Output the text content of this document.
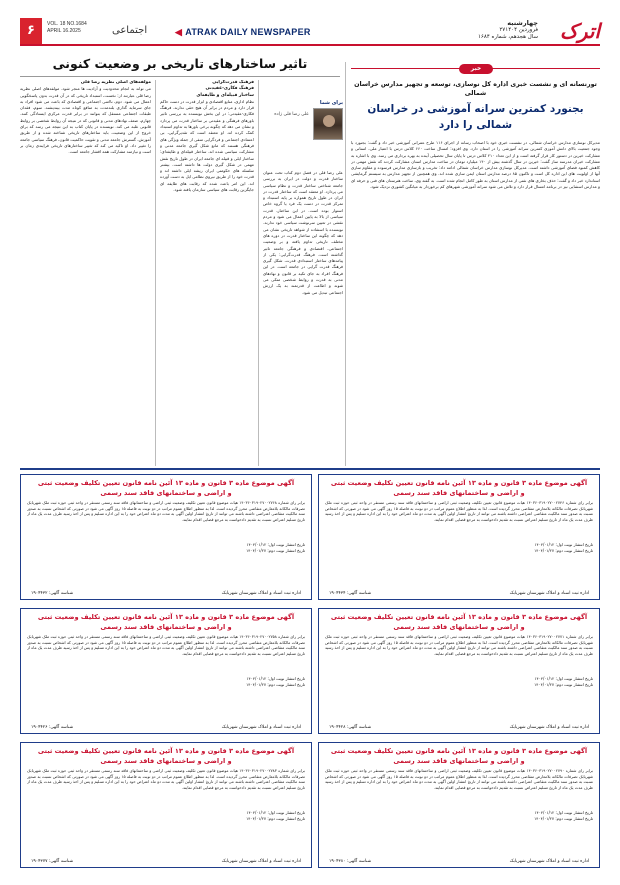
۶	VOL. 18 NO.1684
APRIL 16.2025	اجتماعی	◀ ATRAK DAILY NEWSPAPER
چهارشنبه
۲۷فروردین ۱۴۰۴
سال هجدهم، شماره ۱۶۸۴	اترک
خبر
تورنسانه ای و نشست خبری اداره کل نوسازی، توسعه و تجهیز مدارس خراسان شمالی
بجنورد کمترین سرانه آموزشی در خراسان شمالی را دارد
مدیرکل نوسازی مدارس خراسان شمالی، در نشست خبری خود با اصحاب رسانه از اجرای ۱۱۶ طرح عمرانی آموزشی خبر داد و گفت: بجنورد با وجود جمعیت بالای دانش آموزی کمترین سرانه آموزشی را در استان دارد. وی افزود: امسال ساخت ۶۶۰ کلاس درس با اعتبار ملی، استانی و مشارکت خیرین در دستور کار قرار گرفته است و از این تعداد ۲۱۰ کلاس درس تا پایان سال تحصیلی آینده به بهره برداری می رسد. وی با اشاره به مشارکت خیران مدرسه ساز گفت: خیرین در سال گذشته بیش از ۱۴۰ میلیارد تومان در ساخت مدارس استان مشارکت کردند که نقش مهمی در کاهش کمبود فضای آموزشی داشته است. مدیرکل نوسازی مدارس خراسان شمالی ادامه داد: تخریب و بازسازی مدارس فرسوده و مقاوم سازی آنها از اولویت های این اداره کل است و تاکنون ۸۵ درصد مدارس استان ایمن سازی شده اند. وی همچنین از تجهیز مدارس به سیستم گرمایشی استاندارد خبر داد و گفت: حذف بخاری های نفتی از مدارس استان به طور کامل انجام شده است. به گفته وی، ساخت هنرستان های فنی و حرفه ای و مدارس استثنایی نیز در برنامه امسال قرار دارد و تلاش می شود سرانه آموزشی شهرهای کم برخوردار به میانگین کشوری نزدیک شود.
تاثیر ساختارهای تاریخی بر وضعیت کنونی
برای شما
علی رضا قلی زاده
علی رضا قلی در فصل دوم کتاب تحت عنوان ساختار قدرت و دولت در ایران به بررسی جامعه شناختی ساختار قدرت و نظام سیاسی می پردازد. او معتقد است که ساختار قدرت در ایران در طول تاریخ همواره بر پایه استبداد و تمرکز قدرت در دست یک فرد یا گروه خاص استوار بوده است. در این ساختار، قدرت سیاسی از بالا به پایین اعمال می شود و مردم نقشی در تعیین سرنوشت سیاسی خود ندارند. نویسنده با استفاده از شواهد تاریخی نشان می دهد که چگونه این ساختار قدرت در دوره های مختلف تاریخی تداوم یافته و بر وضعیت اجتماعی، اقتصادی و فرهنگی جامعه تاثیر گذاشته است. فرهنگ قدرت‌گرایی: یکی از پیامدهای ساختار استبدادی قدرت، شکل گیری فرهنگ قدرت گرایی در جامعه است. در این فرهنگ افراد به جای تکیه بر قانون و نهادهای مدنی به قدرت و روابط شخصی متکی می شوند و اطاعت از قدرتمند به یک ارزش اجتماعی تبدیل می شود.
فرهنگ قدرت‌گرایی
فرهنگ فکاری-عقیدتی
ساختار قبیله‌ای و طایفه‌ای
نظام اداری، منابع اقتصادی و ابزار قدرت در دست حاکم قرار دارد و مردم در برابر آن هیچ حقی ندارند. فرهنگ فکاری-عقیدتی: در این بخش نویسنده به بررسی تاثیر باورهای فرهنگی و عقیدتی بر ساختار قدرت می پردازد و نشان می دهد که چگونه برخی باورها به تداوم استبداد کمک کرده اند. او معتقد است که تقدیرگرایی، بی اعتمادی اجتماعی و فردگرایی منفی از جمله ویژگی های فرهنگی هستند که مانع شکل گیری جامعه مدنی و مشارکت سیاسی شده اند. ساختار قبیله‌ای و طایفه‌ای: ساختار ایلی و قبیله ای جامعه ایران در طول تاریخ نقش مهمی در شکل گیری دولت ها داشته است. بیشتر سلسله های حکومتی ایران ریشه ایلی داشته اند و قدرت خود را از طریق نیروی نظامی ایل به دست آورده اند. این امر باعث شده که رقابت های طایفه ای جایگزین رقابت های سیاسی سازمان یافته شود.
مولفه‌های اصلی نظریه رضا قلی
می تواند به انجام محدودیت و آزادیت ها منجر شود. مولفه‌های اصلی نظریه رضا قلی عبارتند از: نخست، استبداد تاریخی که در آن قدرت بدون پاسخگویی اعمال می شود. دوم، ناامنی اجتماعی و اقتصادی که باعث می شود افراد به جای سرمایه گذاری بلندمدت به منافع کوتاه مدت بیندیشند. سوم، فقدان طبقات اجتماعی مستقل که بتوانند در برابر قدرت مرکزی ایستادگی کنند. چهارم، ضعف نهادهای مدنی و قانونی که در نتیجه آن روابط شخصی بر روابط قانونی غلبه می کند. نویسنده در پایان کتاب به این نتیجه می رسد که برای خروج از این وضعیت، باید ساختارهای تاریخی شناخته شده و از طریق آموزش، گسترش جامعه مدنی و تقویت حاکمیت قانون، فرهنگ سیاسی جامعه را تغییر داد. او تاکید می کند که تغییر ساختارهای تاریخی فرایندی زمان بر است و نیازمند مشارکت همه اقشار جامعه است.
آگهی موضوع ماده ۳ قانون و ماده ۱۳ آئین نامه قانون تعیین تکلیف وضعیت ثبتی
و اراضی و ساختمانهای فاقد سند رسمی
برابر رای شماره ۱۴۰۳۶۰۳۱۹۰۲۷۰۰۲۷۴۶ هیات موضوع قانون تعیین تکلیف وضعیت ثبتی اراضی و ساختمانهای فاقد سند رسمی مستقر در واحد ثبتی حوزه ثبت ملک شهربانک تصرفات مالکانه بلامعارض متقاضی محرز گردیده است. لذا به منظور اطلاع عموم مراتب در دو نوبت به فاصله ۱۵ روز آگهی می شود در صورتی که اشخاص نسبت به صدور سند مالکیت متقاضی اعتراضی داشته باشند می توانند از تاریخ انتشار اولین آگهی به مدت دو ماه اعتراض خود را به این اداره تسلیم و پس از اخذ رسید ظرف مدت یک ماه از تاریخ تسلیم اعتراض نسبت به تقدیم دادخواست به مرجع قضایی اقدام نمایند.
تاریخ انتشار نوبت اول: ۱۴۰۴/۰۱/۱۲
تاریخ انتشار نوبت دوم: ۱۴۰۴/۰۱/۲۷
اداره ثبت اسناد و املاک شهرستان شهربابک
شناسه آگهی: ۱۹۰۴۴۳۴
آگهی موضوع ماده ۳ قانون و ماده ۱۳ آئین نامه قانون تعیین تکلیف وضعیت ثبتی
و اراضی و ساختمانهای فاقد سند رسمی
برابر رای شماره ۱۴۰۳۶۰۳۱۹۰۲۷۰۰۲۷۶۸ هیات موضوع قانون تعیین تکلیف وضعیت ثبتی اراضی و ساختمانهای فاقد سند رسمی مستقر در واحد ثبتی حوزه ثبت ملک شهربابک تصرفات مالکانه بلامعارض متقاضی محرز گردیده است. لذا به منظور اطلاع عموم مراتب در دو نوبت به فاصله ۱۵ روز آگهی می شود در صورتی که اشخاص نسبت به صدور سند مالکیت متقاضی اعتراضی داشته باشند می توانند از تاریخ انتشار اولین آگهی به مدت دو ماه اعتراض خود را به این اداره تسلیم و پس از اخذ رسید ظرف مدت یک ماه از تاریخ تسلیم اعتراض نسبت به تقدیم دادخواست به مرجع قضایی اقدام نمایند.
تاریخ انتشار نوبت اول: ۱۴۰۴/۰۱/۱۲
تاریخ انتشار نوبت دوم: ۱۴۰۴/۰۱/۲۷
اداره ثبت اسناد و املاک شهرستان شهربابک
شناسه آگهی: ۱۹۰۴۴۳۲
آگهی موضوع ماده ۳ قانون و ماده ۱۳ آئین نامه قانون تعیین تکلیف وضعیت ثبتی
و اراضی و ساختمانهای فاقد سند رسمی
برابر رای شماره ۱۴۰۳۶۰۳۱۹۰۲۷۰۰۲۷۷۱ هیات موضوع قانون تعیین تکلیف وضعیت ثبتی اراضی و ساختمانهای فاقد سند رسمی مستقر در واحد ثبتی حوزه ثبت ملک شهربابک تصرفات مالکانه بلامعارض متقاضی محرز گردیده است. لذا به منظور اطلاع عموم مراتب در دو نوبت به فاصله ۱۵ روز آگهی می شود در صورتی که اشخاص نسبت به صدور سند مالکیت متقاضی اعتراضی داشته باشند می توانند از تاریخ انتشار اولین آگهی به مدت دو ماه اعتراض خود را به این اداره تسلیم و پس از اخذ رسید ظرف مدت یک ماه از تاریخ تسلیم اعتراض نسبت به تقدیم دادخواست به مرجع قضایی اقدام نمایند.
تاریخ انتشار نوبت اول: ۱۴۰۴/۰۱/۱۲
تاریخ انتشار نوبت دوم: ۱۴۰۴/۰۱/۲۷
اداره ثبت اسناد و املاک شهرستان شهربابک
شناسه آگهی: ۱۹۰۴۴۲۸
آگهی موضوع ماده ۳ قانون و ماده ۱۳ آئین نامه قانون تعیین تکلیف وضعیت ثبتی
و اراضی و ساختمانهای فاقد سند رسمی
برابر رای شماره ۱۴۰۳۶۰۳۱۹۰۲۷۰۰۲۷۵۸ هیات موضوع قانون تعیین تکلیف وضعیت ثبتی اراضی و ساختمانهای فاقد سند رسمی مستقر در واحد ثبتی حوزه ثبت ملک شهربابک تصرفات مالکانه بلامعارض متقاضی محرز گردیده است. لذا به منظور اطلاع عموم مراتب در دو نوبت به فاصله ۱۵ روز آگهی می شود در صورتی که اشخاص نسبت به صدور سند مالکیت متقاضی اعتراضی داشته باشند می توانند از تاریخ انتشار اولین آگهی به مدت دو ماه اعتراض خود را به این اداره تسلیم و پس از اخذ رسید ظرف مدت یک ماه از تاریخ تسلیم اعتراض نسبت به تقدیم دادخواست به مرجع قضایی اقدام نمایند.
تاریخ انتشار نوبت اول: ۱۴۰۴/۰۱/۱۲
تاریخ انتشار نوبت دوم: ۱۴۰۴/۰۱/۲۷
اداره ثبت اسناد و املاک شهرستان شهربابک
شناسه آگهی: ۱۹۰۴۴۲۶
آگهی موضوع ماده ۳ قانون و ماده ۱۳ آئین نامه قانون تعیین تکلیف وضعیت ثبتی
و اراضی و ساختمانهای فاقد سند رسمی
برابر رای شماره ۱۴۰۳۶۰۳۱۹۰۲۷۰۰۲۷۹۰ هیات موضوع قانون تعیین تکلیف وضعیت ثبتی اراضی و ساختمانهای فاقد سند رسمی مستقر در واحد ثبتی حوزه ثبت ملک شهربابک تصرفات مالکانه بلامعارض متقاضی محرز گردیده است. لذا به منظور اطلاع عموم مراتب در دو نوبت به فاصله ۱۵ روز آگهی می شود در صورتی که اشخاص نسبت به صدور سند مالکیت متقاضی اعتراضی داشته باشند می توانند از تاریخ انتشار اولین آگهی به مدت دو ماه اعتراض خود را به این اداره تسلیم و پس از اخذ رسید ظرف مدت یک ماه از تاریخ تسلیم اعتراض نسبت به تقدیم دادخواست به مرجع قضایی اقدام نمایند.
تاریخ انتشار نوبت اول: ۱۴۰۴/۰۱/۱۲
تاریخ انتشار نوبت دوم: ۱۴۰۴/۰۱/۲۷
اداره ثبت اسناد و املاک شهرستان شهربابک
شناسه آگهی: ۱۹۰۴۳۸۰
آگهی موضوع ماده ۳ قانون و ماده ۱۳ آئین نامه قانون تعیین تکلیف وضعیت ثبتی
و اراضی و ساختمانهای فاقد سند رسمی
برابر رای شماره ۱۴۰۳۶۰۳۱۹۰۲۷۰۰۲۷۸۳ هیات موضوع قانون تعیین تکلیف وضعیت ثبتی اراضی و ساختمانهای فاقد سند رسمی مستقر در واحد ثبتی حوزه ثبت ملک شهربابک تصرفات مالکانه بلامعارض متقاضی محرز گردیده است. لذا به منظور اطلاع عموم مراتب در دو نوبت به فاصله ۱۵ روز آگهی می شود در صورتی که اشخاص نسبت به صدور سند مالکیت متقاضی اعتراضی داشته باشند می توانند از تاریخ انتشار اولین آگهی به مدت دو ماه اعتراض خود را به این اداره تسلیم و پس از اخذ رسید ظرف مدت یک ماه از تاریخ تسلیم اعتراض نسبت به تقدیم دادخواست به مرجع قضایی اقدام نمایند.
تاریخ انتشار نوبت اول: ۱۴۰۴/۰۱/۱۲
تاریخ انتشار نوبت دوم: ۱۴۰۴/۰۱/۲۷
اداره ثبت اسناد و املاک شهرستان شهربابک
شناسه آگهی: ۱۹۰۴۳۷۷
